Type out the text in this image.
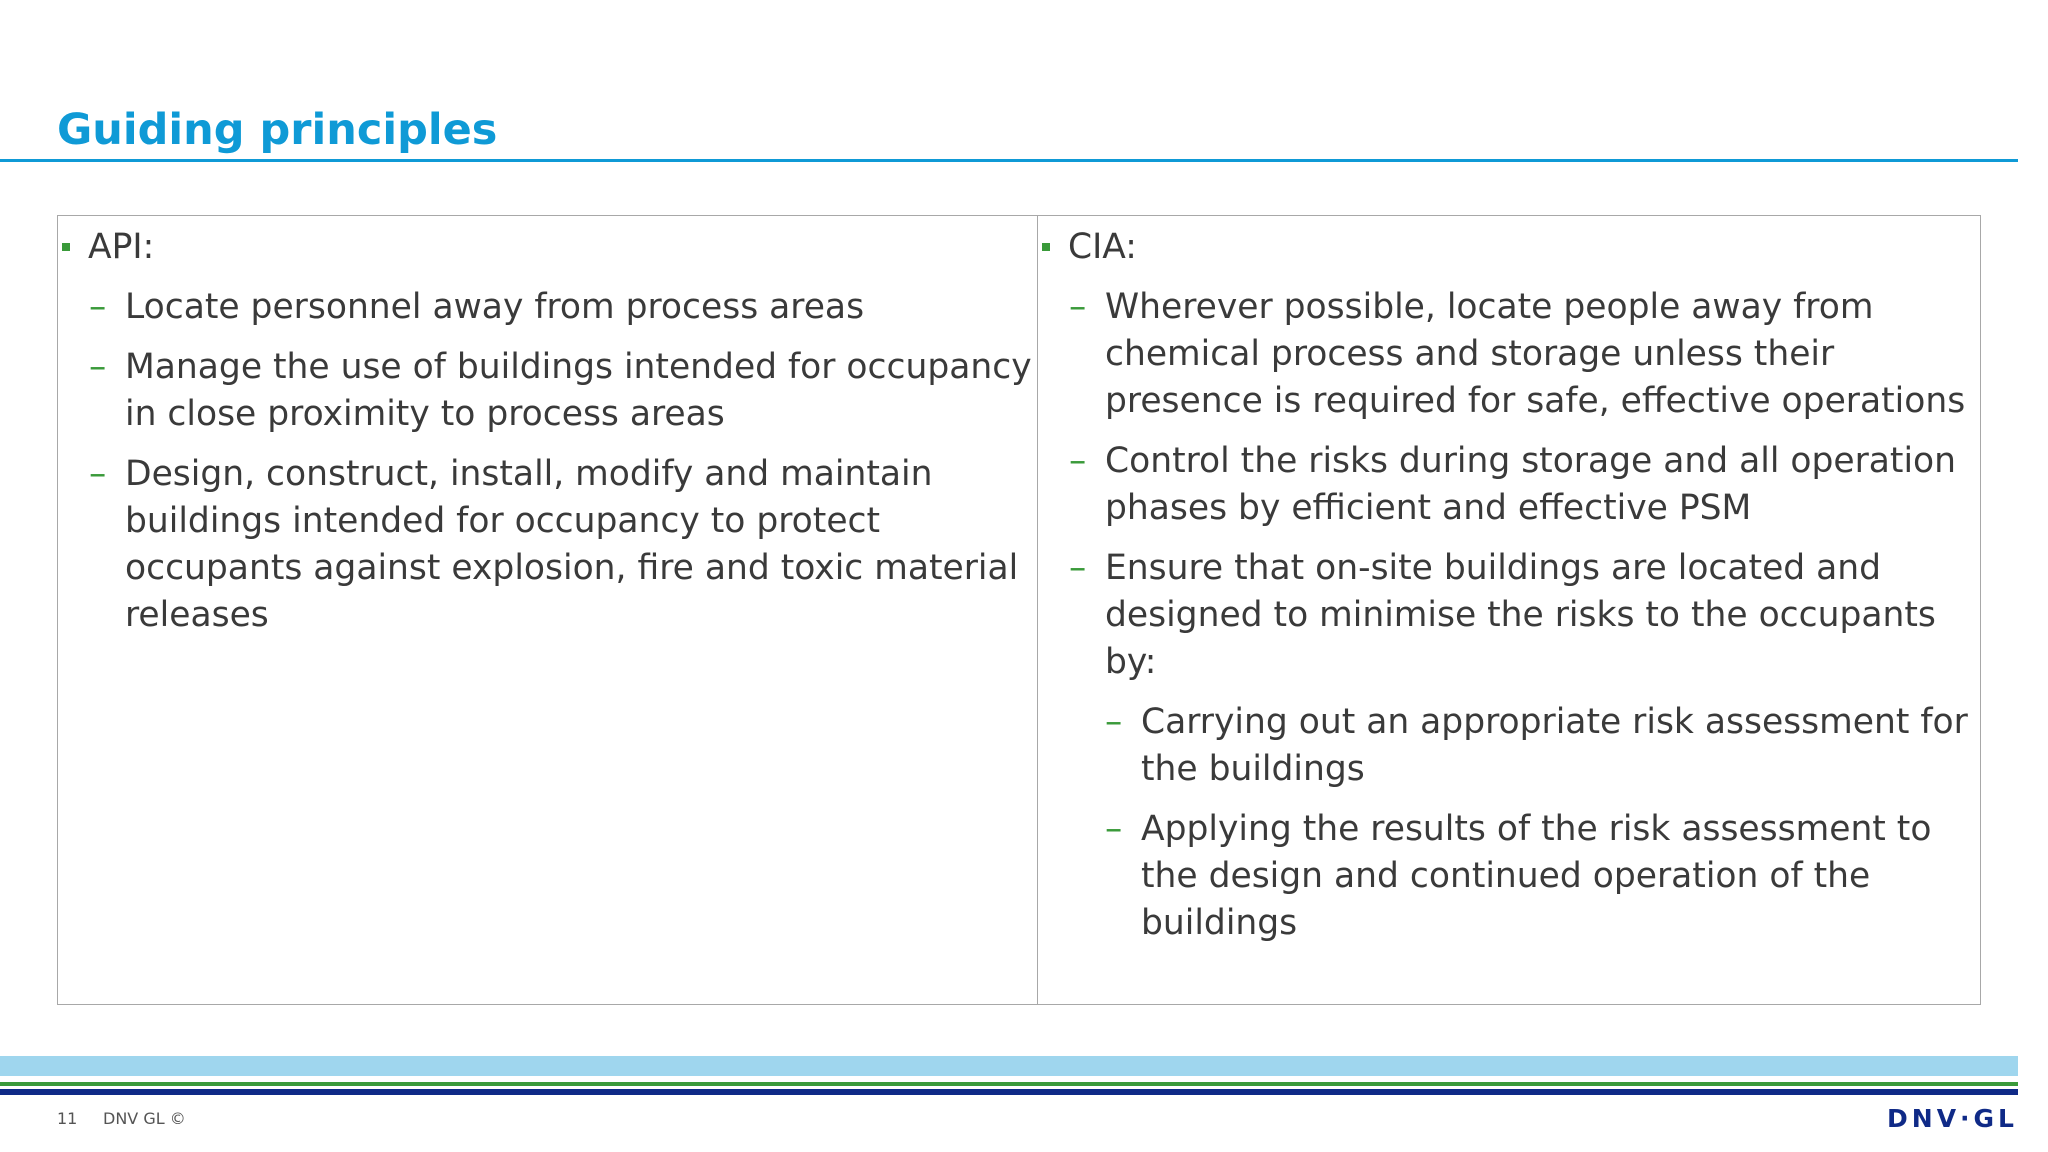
Guiding principles
API:
– Locate personnel away from process areas
– Manage the use of buildings intended for occupancy in close proximity to process areas
– Design, construct, install, modify and maintain buildings intended for occupancy to protect occupants against explosion, fire and toxic material releases
CIA:
– Wherever possible, locate people away from chemical process and storage unless their presence is required for safe, effective operations
– Control the risks during storage and all operation phases by efficient and effective PSM
– Ensure that on-site buildings are located and designed to minimise the risks to the occupants by:
– Carrying out an appropriate risk assessment for the buildings
– Applying the results of the risk assessment to the design and continued operation of the buildings
11 DNV GL ©	DNV·GL
